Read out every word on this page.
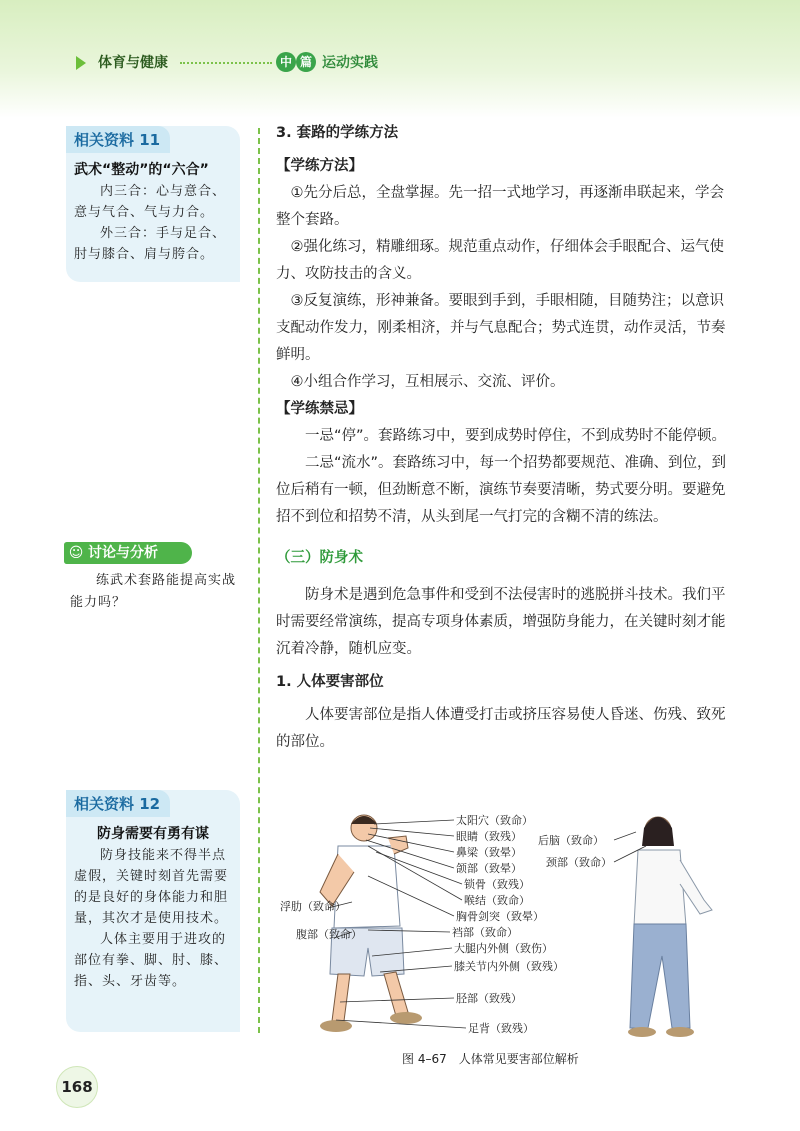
体育与健康	中 篇 运动实践
相关资料 11
武术“整动”的“六合”

内三合：心与意合、意与气合、气与力合。

外三合：手与足合、肘与膝合、肩与胯合。

☺ 讨论与分析

练武术套路能提高实战能力吗？

相关资料 12
防身需要有勇有谋

防身技能来不得半点虚假，关键时刻首先需要的是良好的身体能力和胆量，其次才是使用技术。

人体主要用于进攻的部位有拳、脚、肘、膝、指、头、牙齿等。

3. 套路的学练方法

【学练方法】

①先分后总，全盘掌握。先一招一式地学习，再逐渐串联起来，学会整个套路。

②强化练习，精雕细琢。规范重点动作，仔细体会手眼配合、运气使力、攻防技击的含义。

③反复演练，形神兼备。要眼到手到，手眼相随，目随势注；以意识支配动作发力，刚柔相济，并与气息配合；势式连贯，动作灵活，节奏鲜明。

④小组合作学习，互相展示、交流、评价。

【学练禁忌】

一忌“停”。套路练习中，要到成势时停住，不到成势时不能停顿。

二忌“流水”。套路练习中，每一个招势都要规范、准确、到位，到位后稍有一顿，但劲断意不断，演练节奏要清晰，势式要分明。要避免招不到位和招势不清，从头到尾一气打完的含糊不清的练法。

（三）防身术

防身术是遇到危急事件和受到不法侵害时的逃脱拼斗技术。我们平时需要经常演练，提高专项身体素质，增强防身能力，在关键时刻才能沉着冷静，随机应变。

1. 人体要害部位

人体要害部位是指人体遭受打击或挤压容易使人昏迷、伤残、致死的部位。

太阳穴（致命）
眼睛（致残）
鼻梁（致晕）
颌部（致晕）
锁骨（致残）
喉结（致命）
胸骨剑突（致晕）
裆部（致命）
大腿内外侧（致伤）
膝关节内外侧（致残）
胫部（致残）
足背（致残）
浮肋（致命）
腹部（致命）
后脑（致命）
颈部（致命）
图 4–67　人体常见要害部位解析
168
